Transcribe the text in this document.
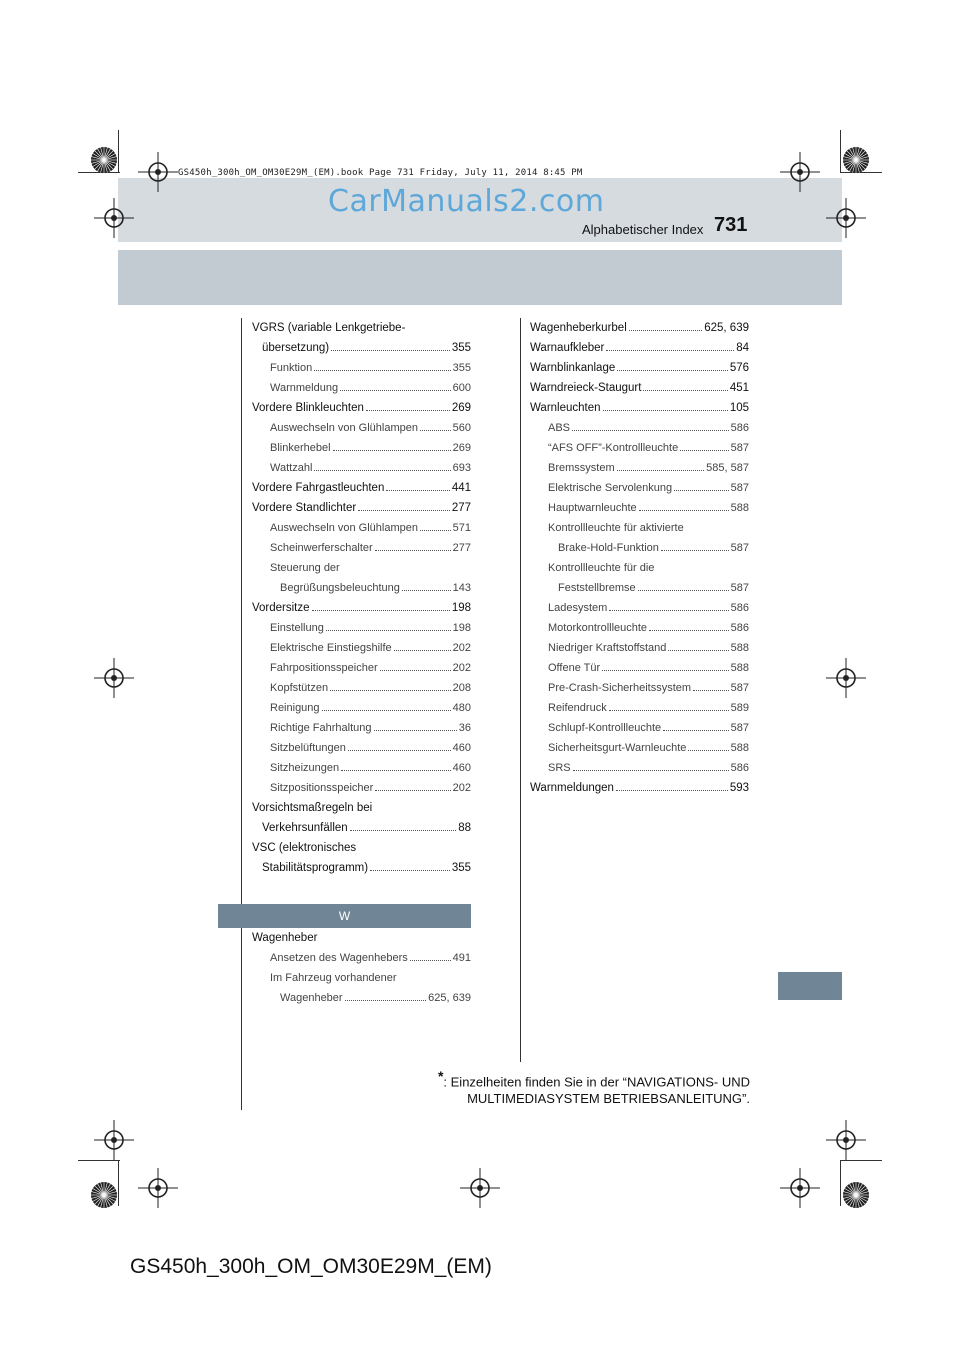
GS450h_300h_OM_OM30E29M_(EM).book Page 731 Friday, July 11, 2014 8:45 PM
CarManuals2.com
Alphabetischer Index 731
VGRS (variable Lenkgetriebe-
übersetzung)	355
Funktion	355
Warnmeldung	600
Vordere Blinkleuchten	269
Auswechseln von Glühlampen	560
Blinkerhebel	269
Wattzahl	693
Vordere Fahrgastleuchten	441
Vordere Standlichter	277
Auswechseln von Glühlampen	571
Scheinwerferschalter	277
Steuerung der
Begrüßungsbeleuchtung	143
Vordersitze	198
Einstellung	198
Elektrische Einstiegshilfe	202
Fahrpositionsspeicher	202
Kopfstützen	208
Reinigung	480
Richtige Fahrhaltung	36
Sitzbelüftungen	460
Sitzheizungen	460
Sitzpositionsspeicher	202
Vorsichtsmaßregeln bei
Verkehrsunfällen	88
VSC (elektronisches
Stabilitätsprogramm)	355
W
Wagenheber
Ansetzen des Wagenhebers	491
Im Fahrzeug vorhandener
Wagenheber	625, 639
Wagenheberkurbel	625, 639
Warnaufkleber	84
Warnblinkanlage	576
Warndreieck-Staugurt	451
Warnleuchten	105
ABS	586
“AFS OFF”-Kontrollleuchte	587
Bremssystem	585, 587
Elektrische Servolenkung	587
Hauptwarnleuchte	588
Kontrollleuchte für aktivierte
Brake-Hold-Funktion	587
Kontrollleuchte für die
Feststellbremse	587
Ladesystem	586
Motorkontrollleuchte	586
Niedriger Kraftstoffstand	588
Offene Tür	588
Pre-Crash-Sicherheitssystem	587
Reifendruck	589
Schlupf-Kontrollleuchte	587
Sicherheitsgurt-Warnleuchte	588
SRS	586
Warnmeldungen	593
*: Einzelheiten finden Sie in der “NAVIGATIONS- UND
MULTIMEDIASYSTEM BETRIEBSANLEITUNG”.
GS450h_300h_OM_OM30E29M_(EM)
